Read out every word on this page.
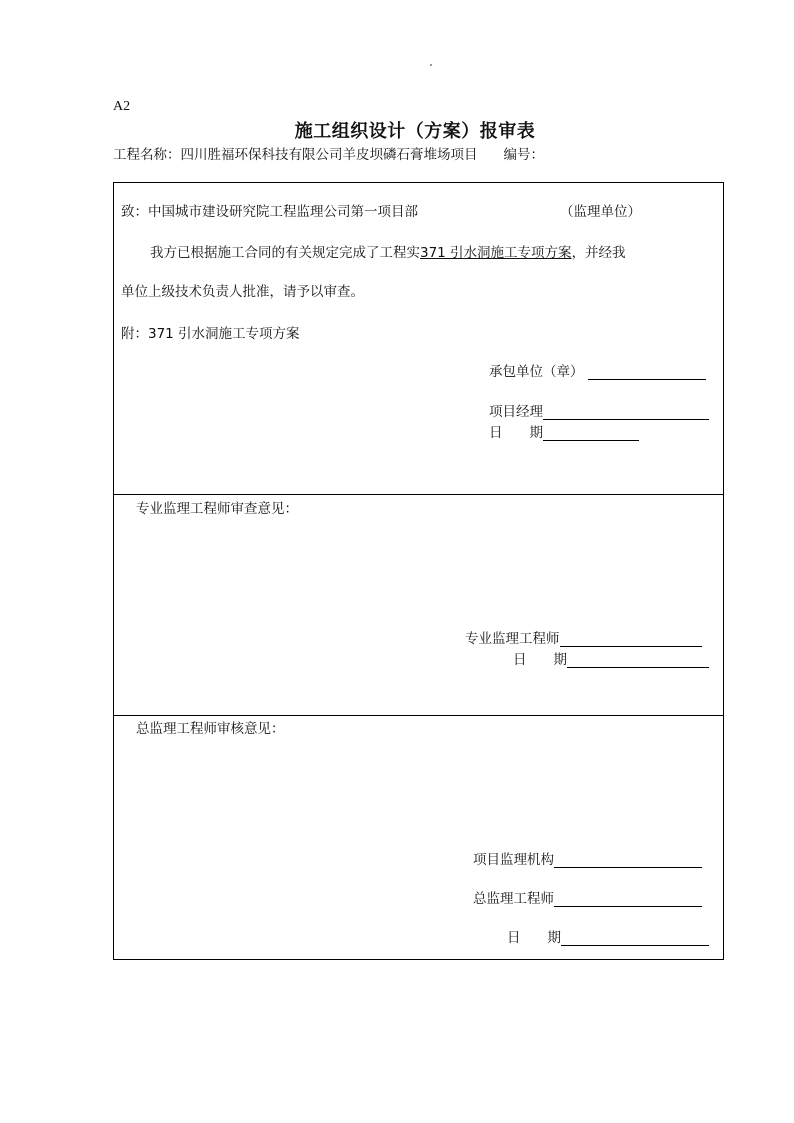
A2
施工组织设计（方案）报审表
工程名称：四川胜福环保科技有限公司羊皮坝磷石膏堆场项目 编号：
致：中国城市建设研究院工程监理公司第一项目部	（监理单位）
我方已根据施工合同的有关规定完成了工程实371 引水洞施工专项方案，并经我
单位上级技术负责人批准，请予以审查。
附：371 引水洞施工专项方案
承包单位（章）
项目经理
日　　期
专业监理工程师审查意见：
专业监理工程师
日　　期
总监理工程师审核意见：
项目监理机构
总监理工程师
日　　期
